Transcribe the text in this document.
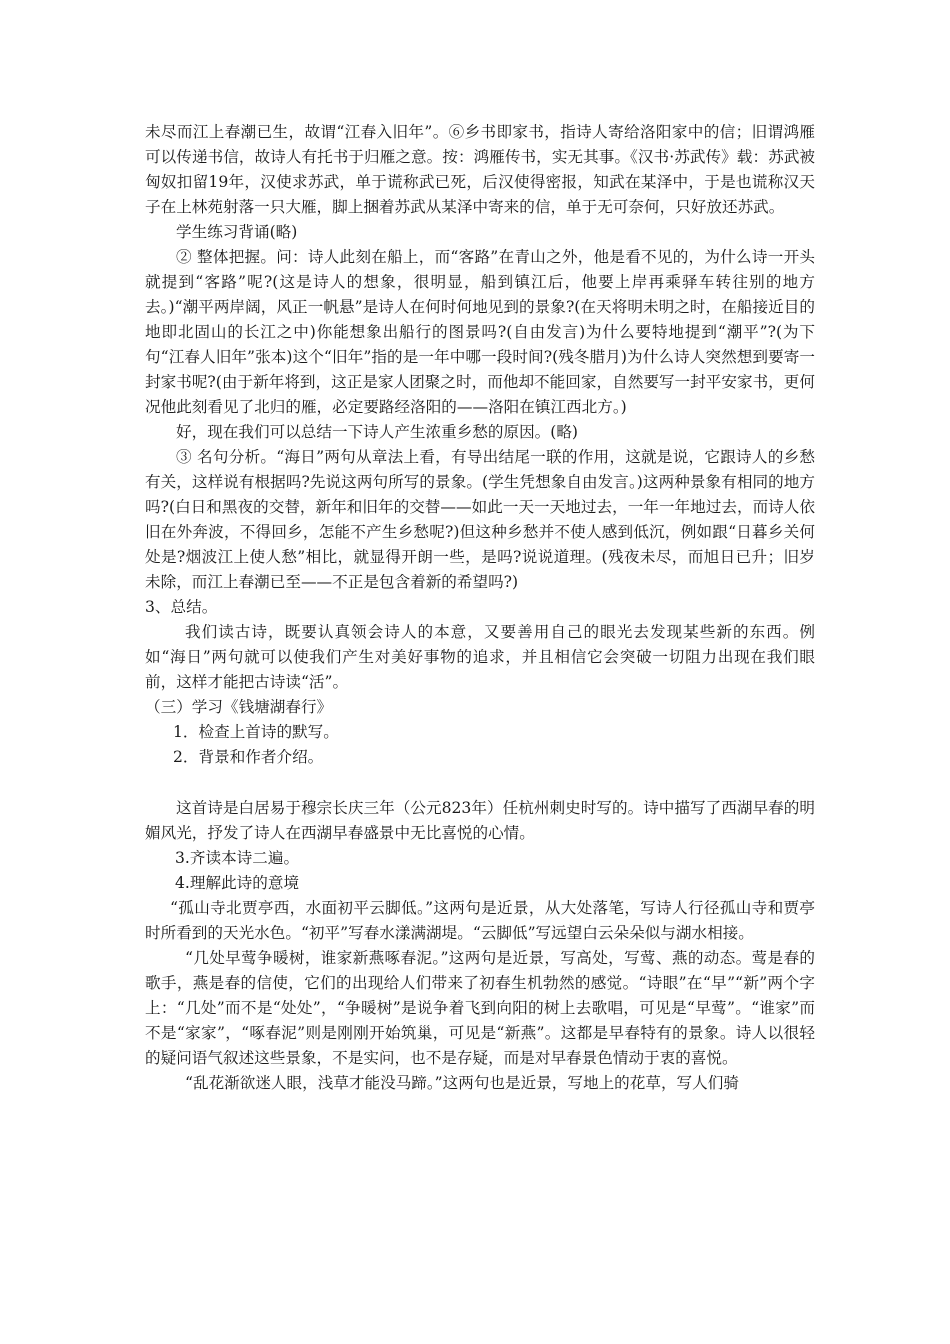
未尽而江上春潮已生，故谓“江春入旧年”。⑥乡书即家书，指诗人寄给洛阳家中的信；旧谓鸿雁可以传递书信，故诗人有托书于归雁之意。按：鸿雁传书，实无其事。《汉书·苏武传》载：苏武被匈奴扣留19年，汉使求苏武，单于谎称武已死，后汉使得密报，知武在某泽中，于是也谎称汉天子在上林苑射落一只大雁，脚上捆着苏武从某泽中寄来的信，单于无可奈何，只好放还苏武。

学生练习背诵(略)

② 整体把握。问：诗人此刻在船上，而“客路”在青山之外，他是看不见的，为什么诗一开头就提到“客路”呢?(这是诗人的想象，很明显，船到镇江后，他要上岸再乘驿车转往别的地方去。)“潮平两岸阔，风正一帆悬”是诗人在何时何地见到的景象?(在天将明未明之时，在船接近目的地即北固山的长江之中)你能想象出船行的图景吗?(自由发言)为什么要特地提到“潮平”?(为下句“江春人旧年”张本)这个“旧年”指的是一年中哪一段时间?(残冬腊月)为什么诗人突然想到要寄一封家书呢?(由于新年将到，这正是家人团聚之时，而他却不能回家，自然要写一封平安家书，更何况他此刻看见了北归的雁，必定要路经洛阳的——洛阳在镇江西北方。)

好，现在我们可以总结一下诗人产生浓重乡愁的原因。(略)

③ 名句分析。“海日”两句从章法上看，有导出结尾一联的作用，这就是说，它跟诗人的乡愁有关，这样说有根据吗?先说这两句所写的景象。(学生凭想象自由发言。)这两种景象有相同的地方吗?(白日和黑夜的交替，新年和旧年的交替——如此一天一天地过去，一年一年地过去，而诗人依旧在外奔波，不得回乡，怎能不产生乡愁呢?)但这种乡愁并不使人感到低沉，例如跟“日暮乡关何处是?烟波江上使人愁”相比，就显得开朗一些，是吗?说说道理。(残夜未尽，而旭日已升；旧岁未除，而江上春潮已至——不正是包含着新的希望吗?)

3、总结。

我们读古诗，既要认真领会诗人的本意，又要善用自己的眼光去发现某些新的东西。例如“海日”两句就可以使我们产生对美好事物的追求，并且相信它会突破一切阻力出现在我们眼前，这样才能把古诗读“活”。

（三）学习《钱塘湖春行》

1．检查上首诗的默写。

2．背景和作者介绍。

这首诗是白居易于穆宗长庆三年（公元823年）任杭州刺史时写的。诗中描写了西湖早春的明媚风光，抒发了诗人在西湖早春盛景中无比喜悦的心情。

3.齐读本诗二遍。

4.理解此诗的意境

“孤山寺北贾亭西，水面初平云脚低。”这两句是近景，从大处落笔，写诗人行径孤山寺和贾亭时所看到的天光水色。“初平”写春水漾满湖堤。“云脚低”写远望白云朵朵似与湖水相接。

“几处早莺争暖树，谁家新燕啄春泥。”这两句是近景，写高处，写莺、燕的动态。莺是春的歌手，燕是春的信使，它们的出现给人们带来了初春生机勃然的感觉。“诗眼”在“早”“新”两个字上：“几处”而不是“处处”，“争暖树”是说争着飞到向阳的树上去歌唱，可见是“早莺”。“谁家”而不是“家家”，“啄春泥”则是刚刚开始筑巢，可见是“新燕”。这都是早春特有的景象。诗人以很轻的疑问语气叙述这些景象，不是实问，也不是存疑，而是对早春景色情动于衷的喜悦。

“乱花渐欲迷人眼，浅草才能没马蹄。”这两句也是近景，写地上的花草，写人们骑
